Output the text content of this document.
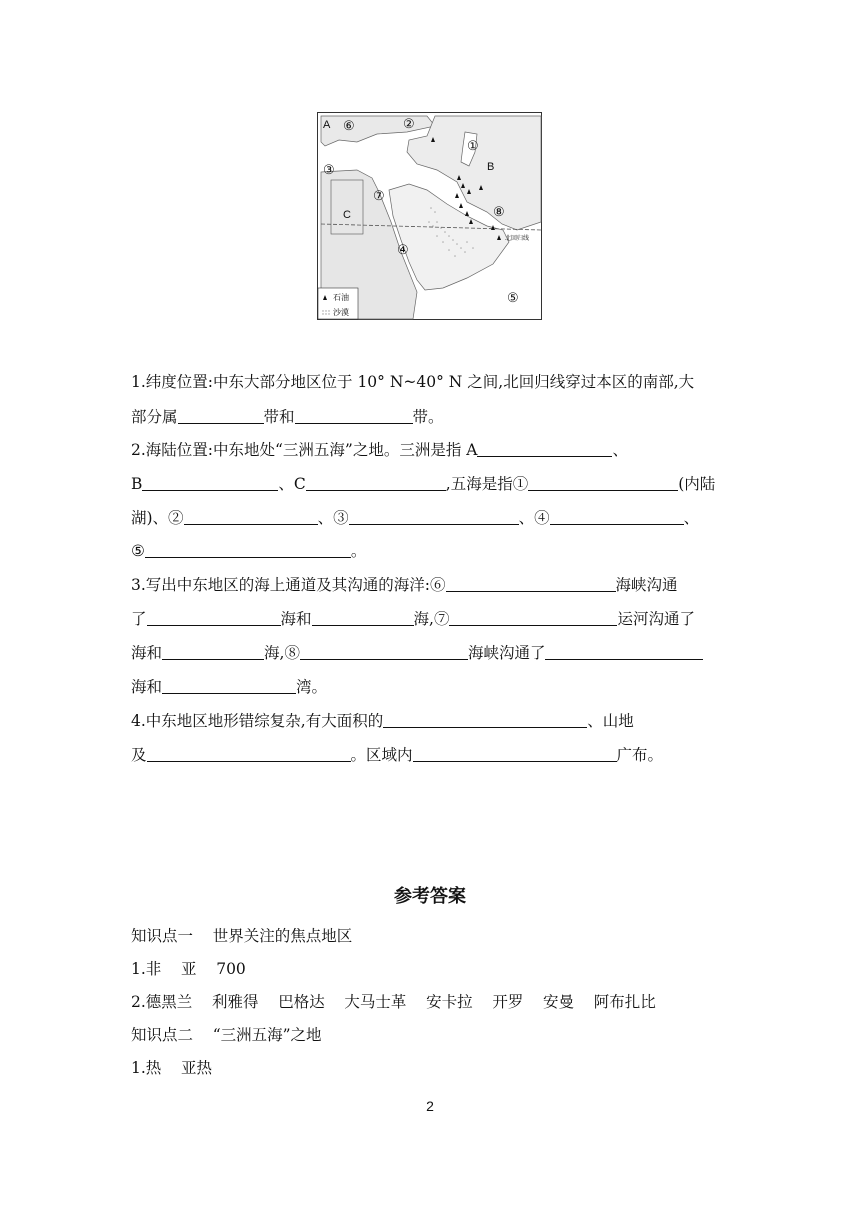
A ⑥	②
①
B
③
⑦
C	⑧
北回归线
④
⑤
石油
沙漠
1.纬度位置:中东大部分地区位于 10° N~40° N 之间,北回归线穿过本区的南部,大
部分属	带和	带。
2.海陆位置:中东地处“三洲五海”之地。三洲是指 A	、
B	、C	,五海是指①	(内陆
湖)、②	、③	、④	、
⑤	。
3.写出中东地区的海上通道及其沟通的海洋:⑥	海峡沟通
了	海和	海,⑦	运河沟通了
海和	海,⑧	海峡沟通了
海和	湾。
4.中东地区地形错综复杂,有大面积的	、山地
及	。区域内	广布。
参考答案
知识点一    世界关注的焦点地区
1.非    亚    700
2.德黑兰    利雅得    巴格达    大马士革    安卡拉    开罗    安曼    阿布扎比
知识点二    “三洲五海”之地
1.热    亚热
2
